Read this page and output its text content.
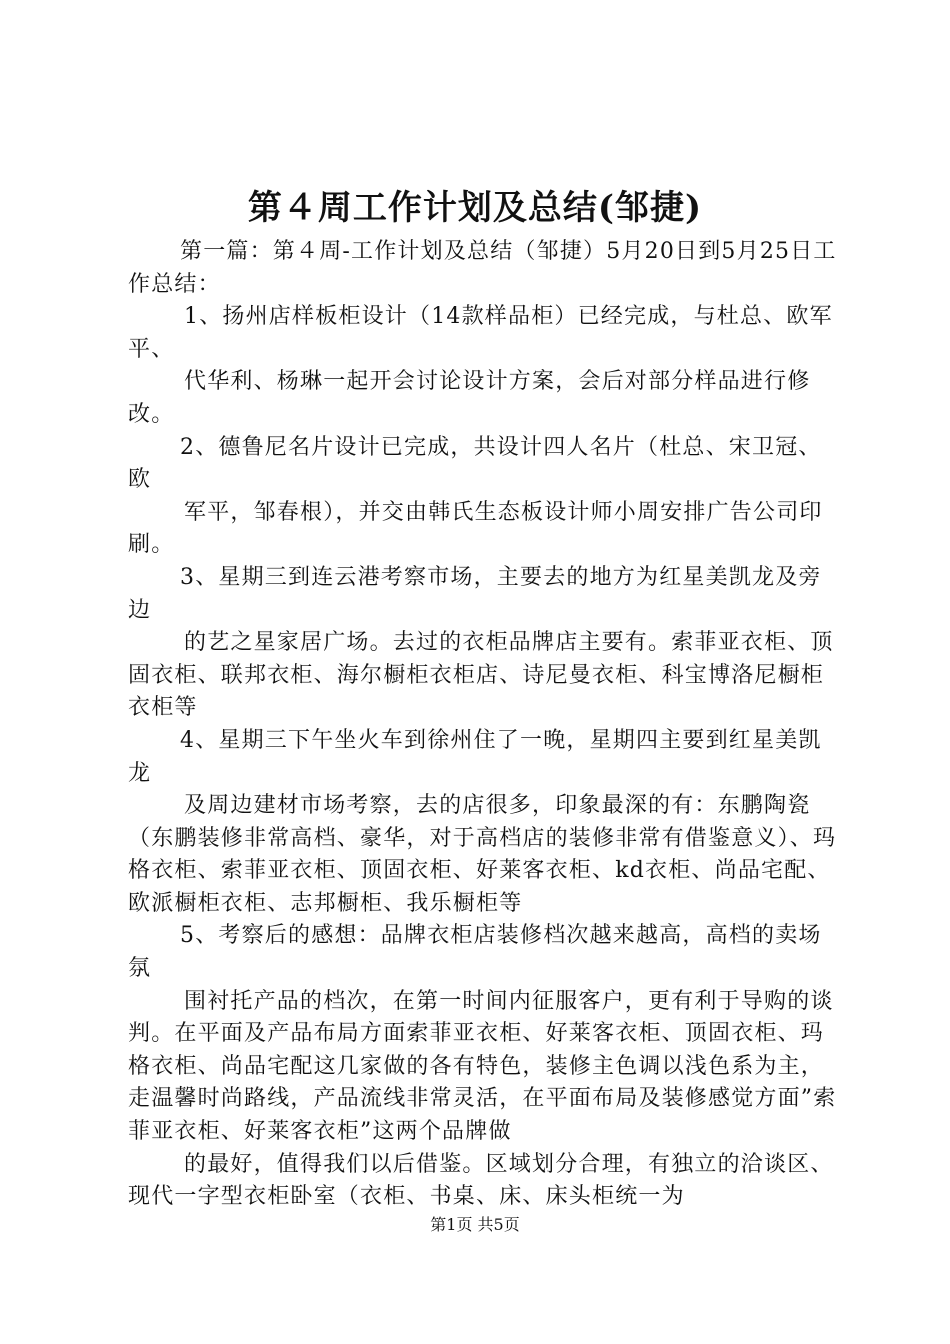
第４周工作计划及总结(邹捷)

第一篇：第４周-工作计划及总结（邹捷）5月20日到5月25日工作总结：

1、扬州店样板柜设计（14款样品柜）已经完成，与杜总、欧军平、

代华利、杨琳一起开会讨论设计方案，会后对部分样品进行修改。

2、德鲁尼名片设计已完成，共设计四人名片（杜总、宋卫冠、欧

军平，邹春根），并交由韩氏生态板设计师小周安排广告公司印刷。

3、星期三到连云港考察市场，主要去的地方为红星美凯龙及旁边

的艺之星家居广场。去过的衣柜品牌店主要有。索菲亚衣柜、顶固衣柜、联邦衣柜、海尔橱柜衣柜店、诗尼曼衣柜、科宝博洛尼橱柜衣柜等

4、星期三下午坐火车到徐州住了一晚，星期四主要到红星美凯龙

及周边建材市场考察，去的店很多，印象最深的有：东鹏陶瓷（东鹏装修非常高档、豪华，对于高档店的装修非常有借鉴意义）、玛格衣柜、索菲亚衣柜、顶固衣柜、好莱客衣柜、kd衣柜、尚品宅配、欧派橱柜衣柜、志邦橱柜、我乐橱柜等

5、考察后的感想：品牌衣柜店装修档次越来越高，高档的卖场氛

围衬托产品的档次，在第一时间内征服客户，更有利于导购的谈判。在平面及产品布局方面索菲亚衣柜、好莱客衣柜、顶固衣柜、玛格衣柜、尚品宅配这几家做的各有特色，装修主色调以浅色系为主，走温馨时尚路线，产品流线非常灵活，在平面布局及装修感觉方面”索菲亚衣柜、好莱客衣柜”这两个品牌做

的最好，值得我们以后借鉴。区域划分合理，有独立的洽谈区、现代一字型衣柜卧室（衣柜、书桌、床、床头柜统一为

第1页 共5页
